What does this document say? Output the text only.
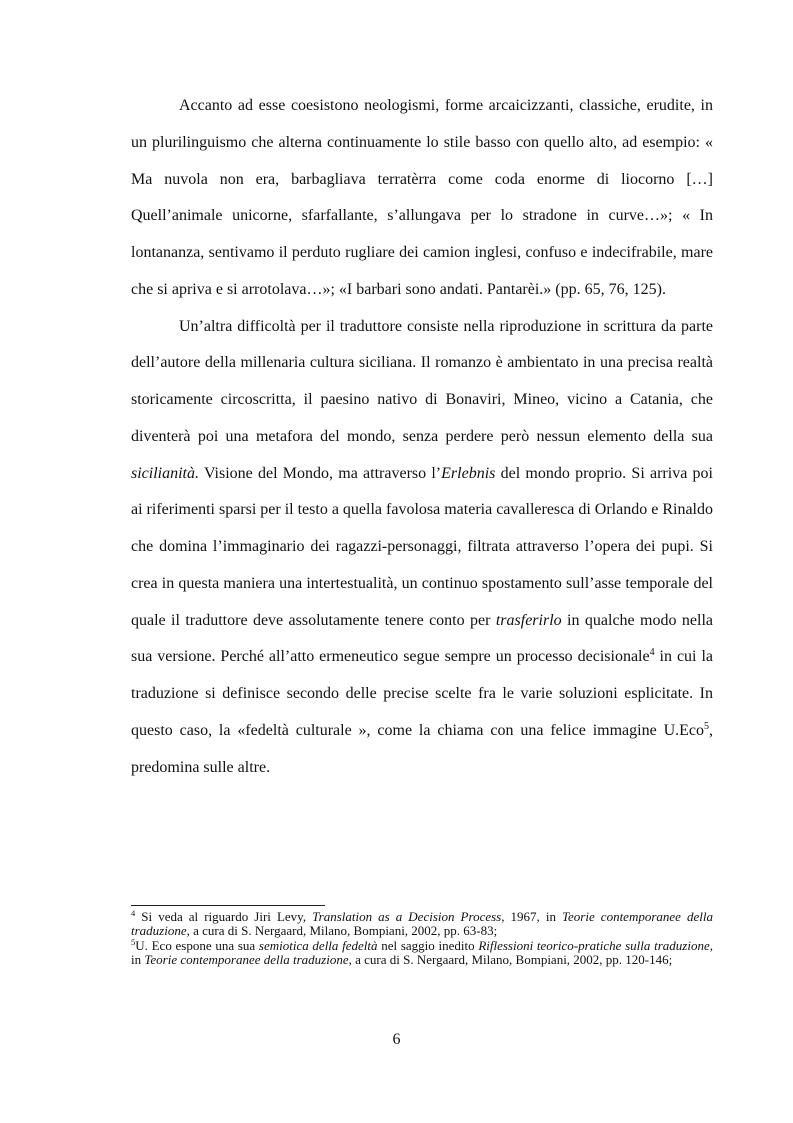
Accanto ad esse coesistono neologismi, forme arcaicizzanti, classiche, erudite, in un plurilinguismo che alterna continuamente lo stile basso con quello alto, ad esempio: « Ma nuvola non era, barbagliava terratèrra come coda enorme di liocorno […] Quell’animale unicorne, sfarfallante, s’allungava per lo stradone in curve…»; « In lontananza, sentivamo il perduto rugliare dei camion inglesi, confuso e indecifrabile, mare che si apriva e si arrotolava…»; «I barbari sono andati. Pantarèi.» (pp. 65, 76, 125).

Un’altra difficoltà per il traduttore consiste nella riproduzione in scrittura da parte dell’autore della millenaria cultura siciliana. Il romanzo è ambientato in una precisa realtà storicamente circoscritta, il paesino nativo di Bonaviri, Mineo, vicino a Catania, che diventerà poi una metafora del mondo, senza perdere però nessun elemento della sua sicilianità. Visione del Mondo, ma attraverso l’Erlebnis del mondo proprio. Si arriva poi ai riferimenti sparsi per il testo a quella favolosa materia cavalleresca di Orlando e Rinaldo che domina l’immaginario dei ragazzi-personaggi, filtrata attraverso l’opera dei pupi. Si crea in questa maniera una intertestualità, un continuo spostamento sull’asse temporale del quale il traduttore deve assolutamente tenere conto per trasferirlo in qualche modo nella sua versione. Perché all’atto ermeneutico segue sempre un processo decisionale$^4$ in cui la traduzione si definisce secondo delle precise scelte fra le varie soluzioni esplicitate. In questo caso, la «fedeltà culturale », come la chiama con una felice immagine U.Eco$^5$, predomina sulle altre.

$^4$ Si veda al riguardo Jiri Levy, Translation as a Decision Process, 1967, in Teorie contemporanee della traduzione, a cura di S. Nergaard, Milano, Bompiani, 2002, pp. 63-83;

$^5$U. Eco espone una sua semiotica della fedeltà nel saggio inedito Riflessioni teorico-pratiche sulla traduzione, in Teorie contemporanee della traduzione, a cura di S. Nergaard, Milano, Bompiani, 2002, pp. 120-146;

6
